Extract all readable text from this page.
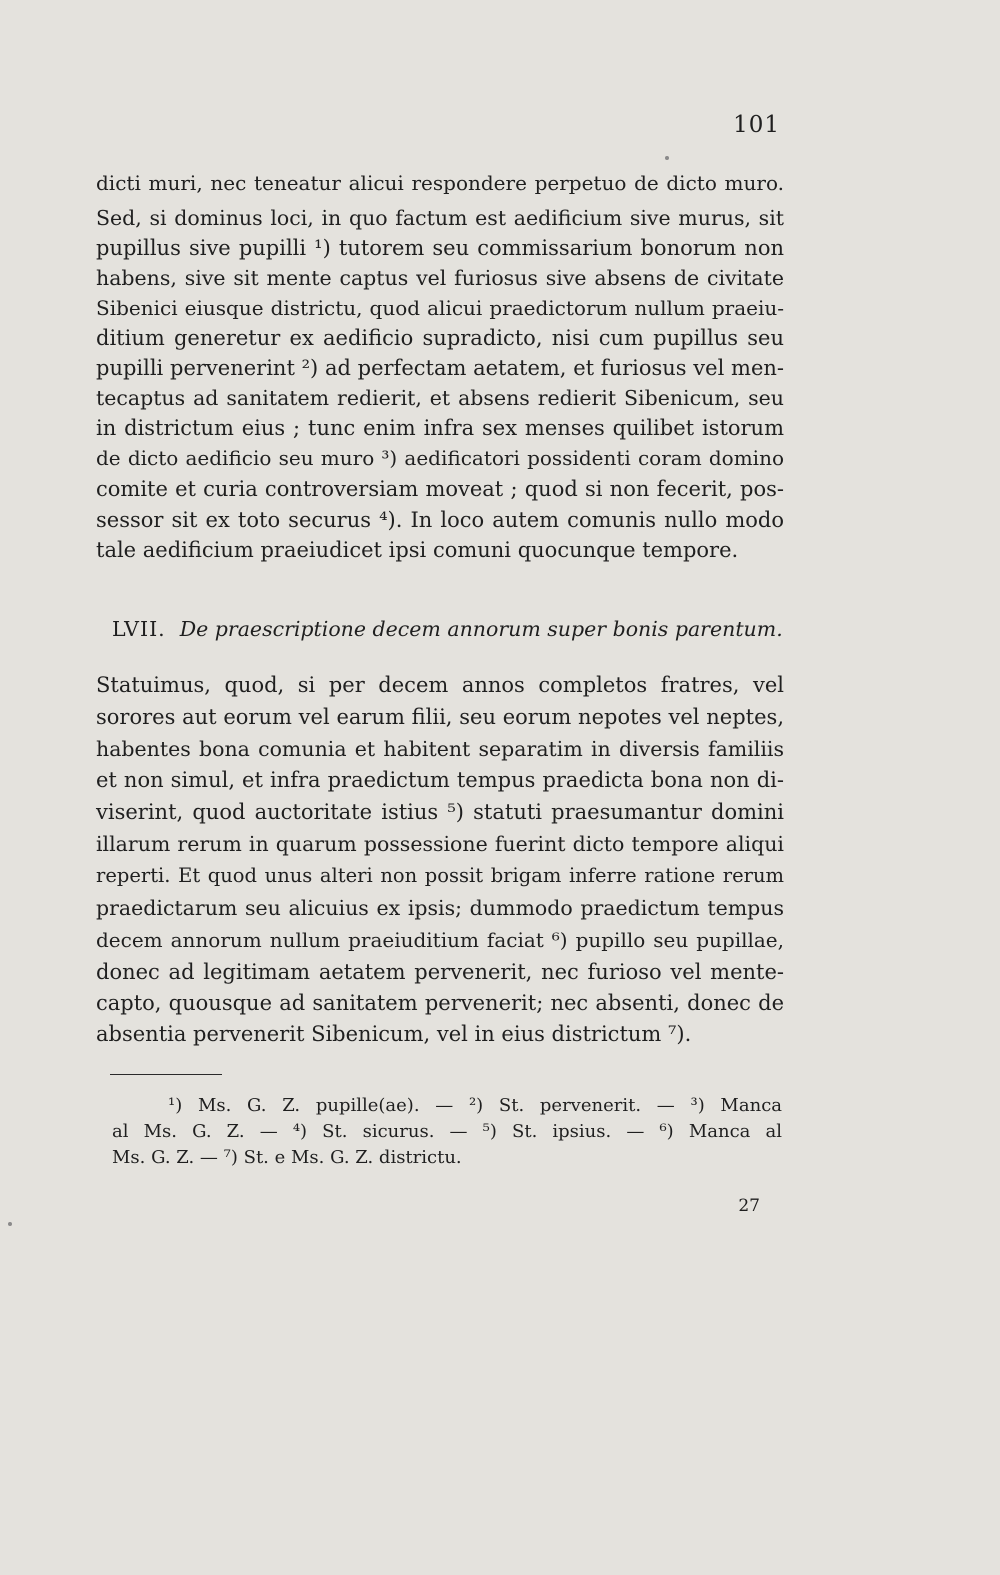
101
dicti muri, nec teneatur alicui respondere perpetuo de dicto muro.
Sed, si dominus loci, in quo factum est aedificium sive murus, sit
pupillus sive pupilli ¹) tutorem seu commissarium bonorum non
habens, sive sit mente captus vel furiosus sive absens de civitate
Sibenici eiusque districtu, quod alicui praedictorum nullum praeiu-
ditium generetur ex aedificio supradicto, nisi cum pupillus seu
pupilli pervenerint ²) ad perfectam aetatem, et furiosus vel men-
tecaptus ad sanitatem redierit, et absens redierit Sibenicum, seu
in districtum eius ; tunc enim infra sex menses quilibet istorum
de dicto aedificio seu muro ³) aedificatori possidenti coram domino
comite et curia controversiam moveat ; quod si non fecerit, pos-
sessor sit ex toto securus ⁴). In loco autem comunis nullo modo
tale aedificium praeiudicet ipsi comuni quocunque tempore.
LVII. De praescriptione decem annorum super bonis parentum.
Statuimus, quod, si per decem annos completos fratres, vel
sorores aut eorum vel earum filii, seu eorum nepotes vel neptes,
habentes bona comunia et habitent separatim in diversis familiis
et non simul, et infra praedictum tempus praedicta bona non di-
viserint, quod auctoritate istius ⁵) statuti praesumantur domini
illarum rerum in quarum possessione fuerint dicto tempore aliqui
reperti. Et quod unus alteri non possit brigam inferre ratione rerum
praedictarum seu alicuius ex ipsis; dummodo praedictum tempus
decem annorum nullum praeiuditium faciat ⁶) pupillo seu pupillae,
donec ad legitimam aetatem pervenerit, nec furioso vel mente-
capto, quousque ad sanitatem pervenerit; nec absenti, donec de
absentia pervenerit Sibenicum, vel in eius districtum ⁷).
¹) Ms. G. Z. pupille(ae). — ²) St. pervenerit. — ³) Manca
al Ms. G. Z. — ⁴) St. sicurus. — ⁵) St. ipsius. — ⁶) Manca al
Ms. G. Z. — ⁷) St. e Ms. G. Z. districtu.
27
